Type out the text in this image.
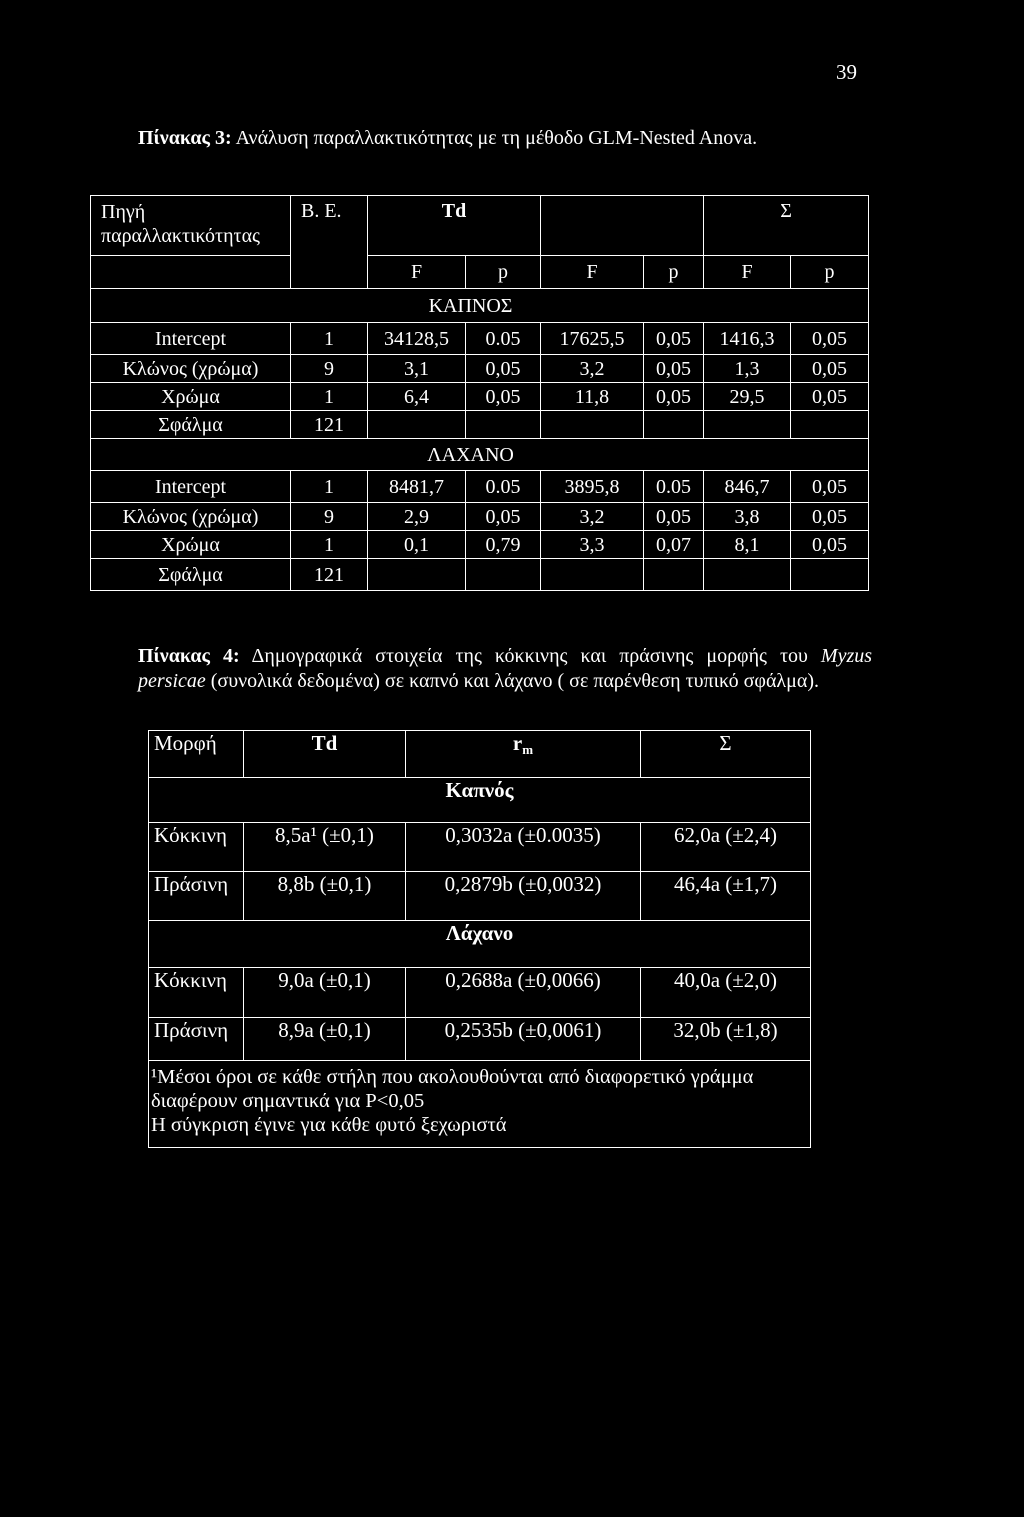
39
Πίνακας 3: Ανάλυση παραλλακτικότητας με τη μέθοδο GLM-Nested Anova.
Πηγή
παραλλακτικότητας	Β. Ε.	Td				Σ	
		F	p	F	p	F	p
ΚΑΠΝΟΣ							
Intercept	1	34128,5	0.05	17625,5	0,05	1416,3	0,05
Κλώνος (χρώμα)	9	3,1	0,05	3,2	0,05	1,3	0,05
Χρώμα	1	6,4	0,05	11,8	0,05	29,5	0,05
Σφάλμα	121						
ΛΑΧΑΝΟ							
Intercept	1	8481,7	0.05	3895,8	0.05	846,7	0,05
Κλώνος (χρώμα)	9	2,9	0,05	3,2	0,05	3,8	0,05
Χρώμα	1	0,1	0,79	3,3	0,07	8,1	0,05
Σφάλμα	121						
Πίνακας 4: Δημογραφικά στοιχεία της κόκκινης και πράσινης μορφής του Myzus
persicae (συνολικά δεδομένα) σε καπνό και λάχανο ( σε παρένθεση τυπικό σφάλμα).
Μορφή	Td	$r_m$	Σ
Καπνός			
Κόκκινη	8,5a¹ (±0,1)	0,3032a (±0.0035)	62,0a (±2,4)
Πράσινη	8,8b (±0,1)	0,2879b (±0,0032)	46,4a (±1,7)
Λάχανο			
Κόκκινη	9,0a (±0,1)	0,2688a (±0,0066)	40,0a (±2,0)
Πράσινη	8,9a (±0,1)	0,2535b (±0,0061)	32,0b (±1,8)

¹Μέσοι όροι σε κάθε στήλη που ακολουθούνται από διαφορετικό γράμμα
διαφέρουν σημαντικά για P<0,05
Η σύγκριση έγινε για κάθε φυτό ξεχωριστά			
